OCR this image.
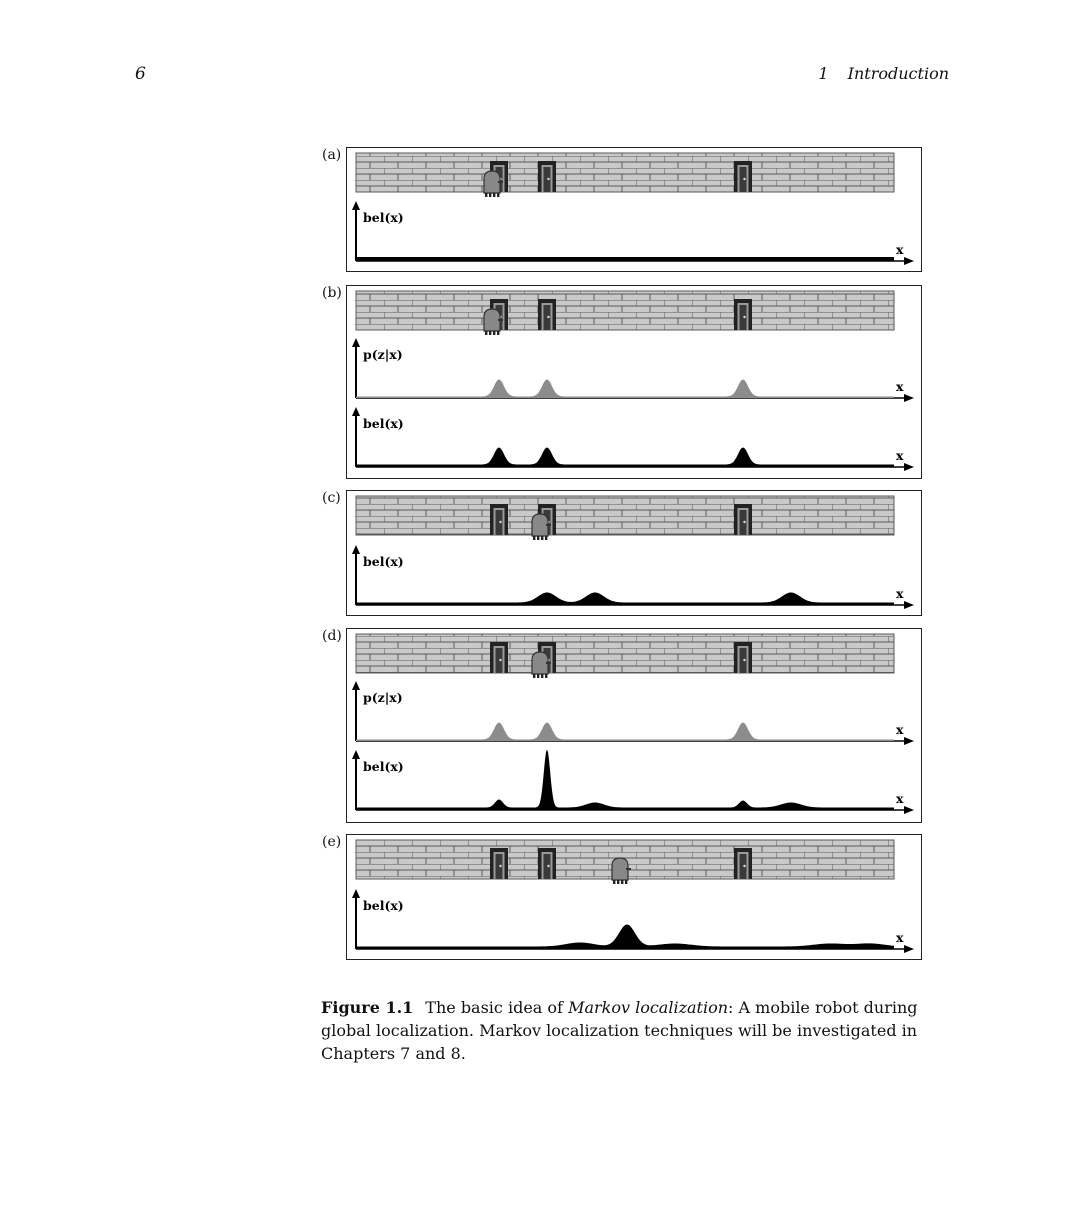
6	1 Introduction
(a)
(b)
(c)
(d)
(e)
bel(x)
x
p(z|x)
x
bel(x)
x
bel(x)
x
p(z|x)
x
bel(x)
x
bel(x)
x
Figure 1.1 The basic idea of Markov localization: A mobile robot during global localization. Markov localization techniques will be investigated in Chapters 7 and 8.
